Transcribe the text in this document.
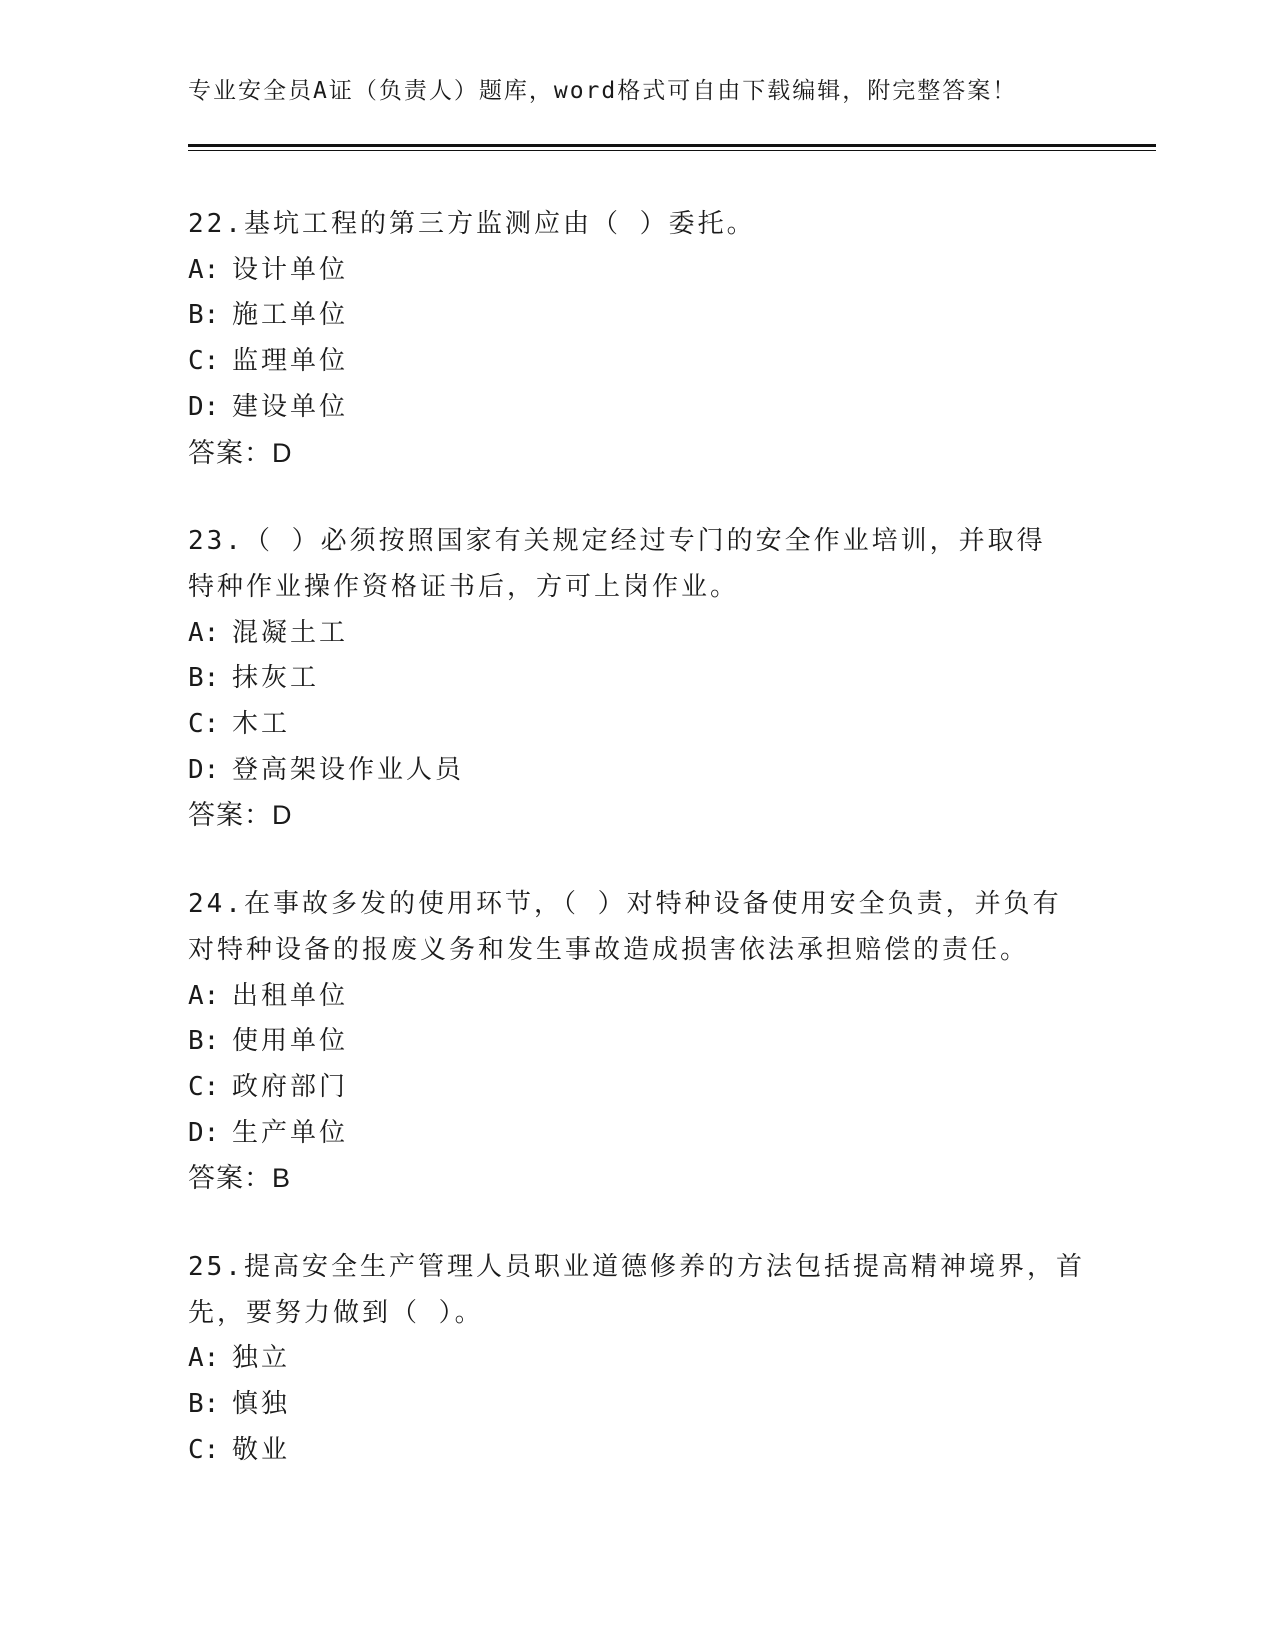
专业安全员A证（负责人）题库，word格式可自由下载编辑，附完整答案！
22.基坑工程的第三方监测应由（ ）委托。
A: 设计单位
B: 施工单位
C: 监理单位
D: 建设单位
答案：D
23.（ ）必须按照国家有关规定经过专门的安全作业培训，并取得
特种作业操作资格证书后，方可上岗作业。
A: 混凝土工
B: 抹灰工
C: 木工
D: 登高架设作业人员
答案：D
24.在事故多发的使用环节，（ ）对特种设备使用安全负责，并负有
对特种设备的报废义务和发生事故造成损害依法承担赔偿的责任。
A: 出租单位
B: 使用单位
C: 政府部门
D: 生产单位
答案：B
25.提高安全生产管理人员职业道德修养的方法包括提高精神境界，首
先，要努力做到（ ）。
A: 独立
B: 慎独
C: 敬业
